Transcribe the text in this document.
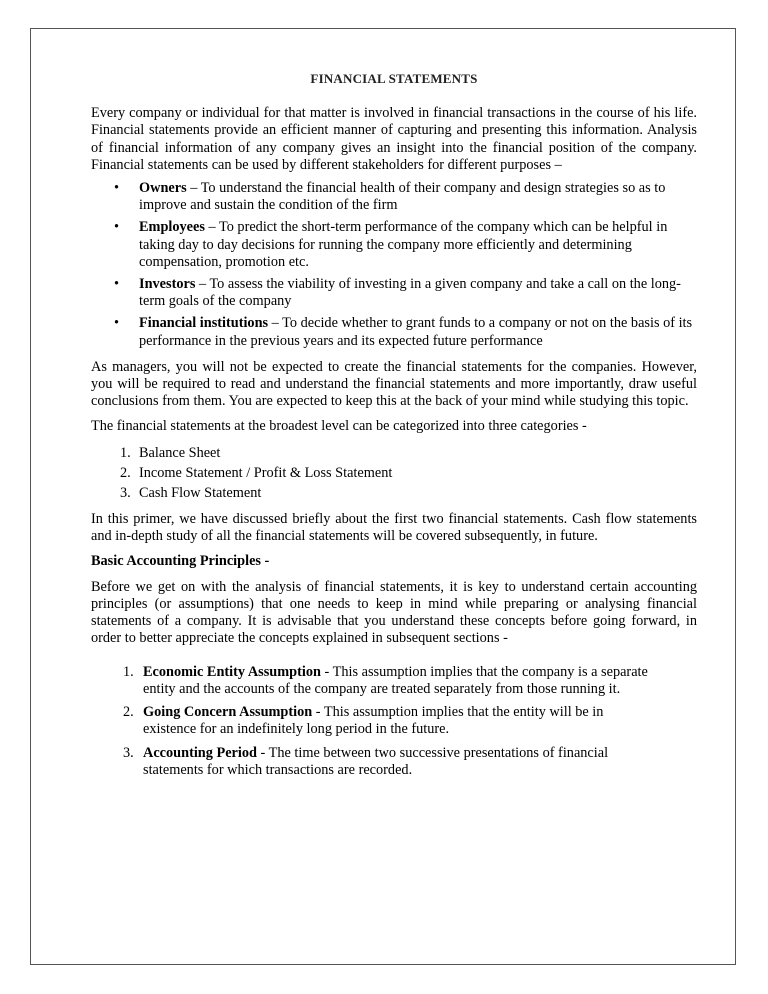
FINANCIAL STATEMENTS

Every company or individual for that matter is involved in financial transactions in the course of his life. Financial statements provide an efficient manner of capturing and presenting this information. Analysis of financial information of any company gives an insight into the financial position of the company. Financial statements can be used by different stakeholders for different purposes –

• Owners – To understand the financial health of their company and design strategies so as to improve and sustain the condition of the firm
• Employees – To predict the short-term performance of the company which can be helpful in taking day to day decisions for running the company more efficiently and determining compensation, promotion etc.
• Investors – To assess the viability of investing in a given company and take a call on the long-term goals of the company
• Financial institutions – To decide whether to grant funds to a company or not on the basis of its performance in the previous years and its expected future performance

As managers, you will not be expected to create the financial statements for the companies. However, you will be required to read and understand the financial statements and more importantly, draw useful conclusions from them. You are expected to keep this at the back of your mind while studying this topic.

The financial statements at the broadest level can be categorized into three categories -

1. Balance Sheet
2. Income Statement / Profit & Loss Statement
3. Cash Flow Statement

In this primer, we have discussed briefly about the first two financial statements. Cash flow statements and in-depth study of all the financial statements will be covered subsequently, in future.

Basic Accounting Principles -

Before we get on with the analysis of financial statements, it is key to understand certain accounting principles (or assumptions) that one needs to keep in mind while preparing or analysing financial statements of a company. It is advisable that you understand these concepts before going forward, in order to better appreciate the concepts explained in subsequent sections -

1. Economic Entity Assumption - This assumption implies that the company is a separate entity and the accounts of the company are treated separately from those running it.
2. Going Concern Assumption - This assumption implies that the entity will be in existence for an indefinitely long period in the future.
3. Accounting Period - The time between two successive presentations of financial statements for which transactions are recorded.
